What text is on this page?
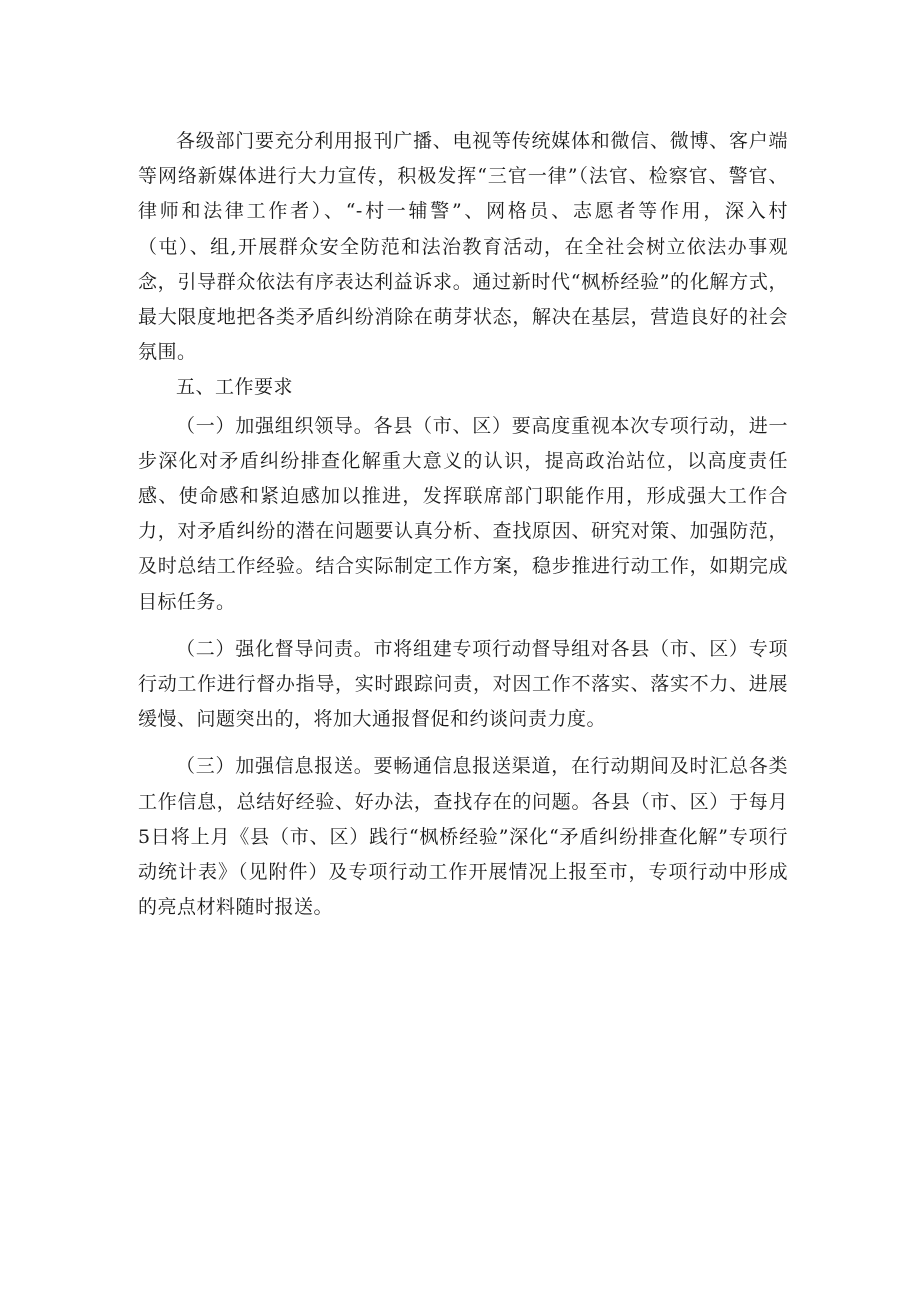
各级部门要充分利用报刊广播、电视等传统媒体和微信、微博、客户端等网络新媒体进行大力宣传，积极发挥“三官一律”（法官、检察官、警官、律师和法律工作者）、“-村一辅警”、网格员、志愿者等作用，深入村（屯）、组,开展群众安全防范和法治教育活动，在全社会树立依法办事观念，引导群众依法有序表达利益诉求。通过新时代“枫桥经验”的化解方式，最大限度地把各类矛盾纠纷消除在萌芽状态，解决在基层，营造良好的社会氛围。

五、工作要求

（一）加强组织领导。各县（市、区）要高度重视本次专项行动，进一步深化对矛盾纠纷排查化解重大意义的认识，提高政治站位，以高度责任感、使命感和紧迫感加以推进，发挥联席部门职能作用，形成强大工作合力，对矛盾纠纷的潜在问题要认真分析、查找原因、研究对策、加强防范，及时总结工作经验。结合实际制定工作方案，稳步推进行动工作，如期完成目标任务。

（二）强化督导问责。市将组建专项行动督导组对各县（市、区）专项行动工作进行督办指导，实时跟踪问责，对因工作不落实、落实不力、进展缓慢、问题突出的，将加大通报督促和约谈问责力度。

（三）加强信息报送。要畅通信息报送渠道，在行动期间及时汇总各类工作信息，总结好经验、好办法，查找存在的问题。各县（市、区）于每月5日将上月《县（市、区）践行“枫桥经验”深化“矛盾纠纷排查化解”专项行动统计表》（见附件）及专项行动工作开展情况上报至市，专项行动中形成的亮点材料随时报送。
